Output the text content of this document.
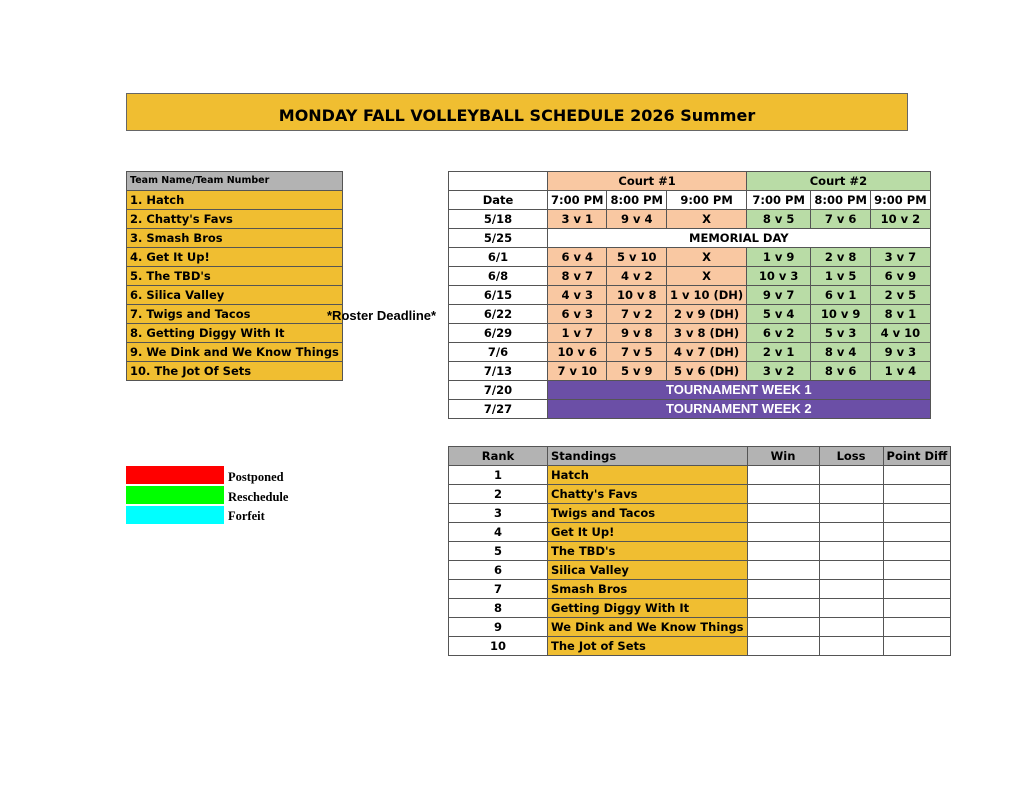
MONDAY FALL VOLLEYBALL SCHEDULE 2026 Summer
Team Name/Team Number
1. Hatch
2. Chatty's Favs
3. Smash Bros
4. Get It Up!
5. The TBD's
6. Silica Valley
7. Twigs and Tacos
8. Getting Diggy With It
9. We Dink and We Know Things
10. The Jot Of Sets
*Roster Deadline*
	Court #1			Court #2		
Date	7:00 PM	8:00 PM	9:00 PM	7:00 PM	8:00 PM	9:00 PM
5/18	3 v 1	9 v 4	X	8 v 5	7 v 6	10 v 2
5/25	MEMORIAL DAY					
6/1	6 v 4	5 v 10	X	1 v 9	2 v 8	3 v 7
6/8	8 v 7	4 v 2	X	10 v 3	1 v 5	6 v 9
6/15	4 v 3	10 v 8	1 v 10 (DH)	9 v 7	6 v 1	2 v 5
6/22	6 v 3	7 v 2	2 v 9 (DH)	5 v 4	10 v 9	8 v 1
6/29	1 v 7	9 v 8	3 v 8 (DH)	6 v 2	5 v 3	4 v 10
7/6	10 v 6	7 v 5	4 v 7 (DH)	2 v 1	8 v 4	9 v 3
7/13	7 v 10	5 v 9	5 v 6 (DH)	3 v 2	8 v 6	1 v 4
7/20	TOURNAMENT WEEK 1					
7/27	TOURNAMENT WEEK 2					
Postponed
Reschedule
Forfeit
Rank	Standings	Win	Loss	Point Diff
1	Hatch			
2	Chatty's Favs			
3	Twigs and Tacos			
4	Get It Up!			
5	The TBD's			
6	Silica Valley			
7	Smash Bros			
8	Getting Diggy With It			
9	We Dink and We Know Things			
10	The Jot of Sets			
